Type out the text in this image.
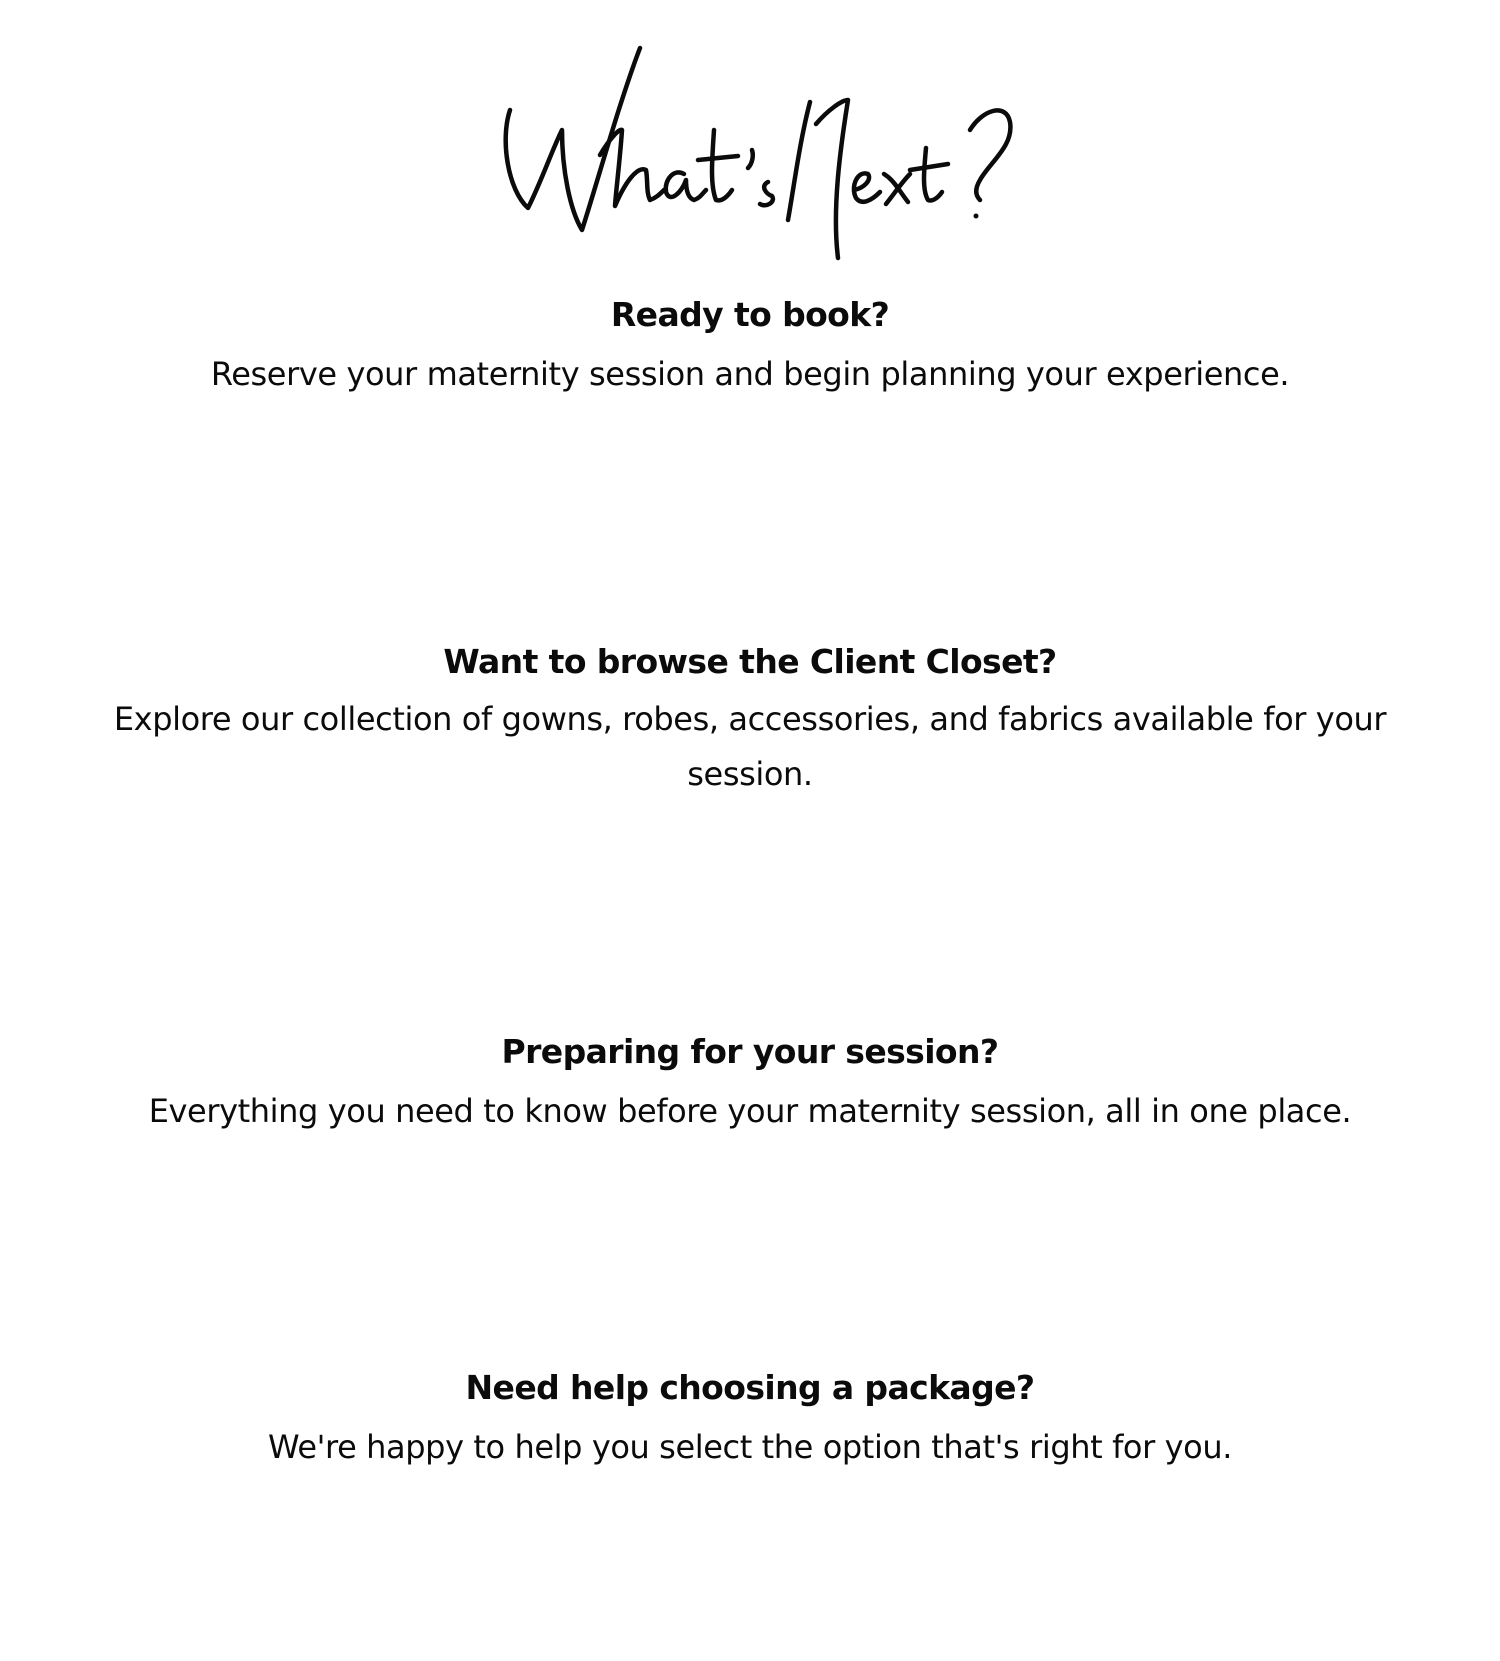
Ready to book?

Reserve your maternity session and begin planning your experience.

Want to browse the Client Closet?

Explore our collection of gowns, robes, accessories, and fabrics available for your session.

Preparing for your session?

Everything you need to know before your maternity session, all in one place.

Need help choosing a package?

We're happy to help you select the option that's right for you.
